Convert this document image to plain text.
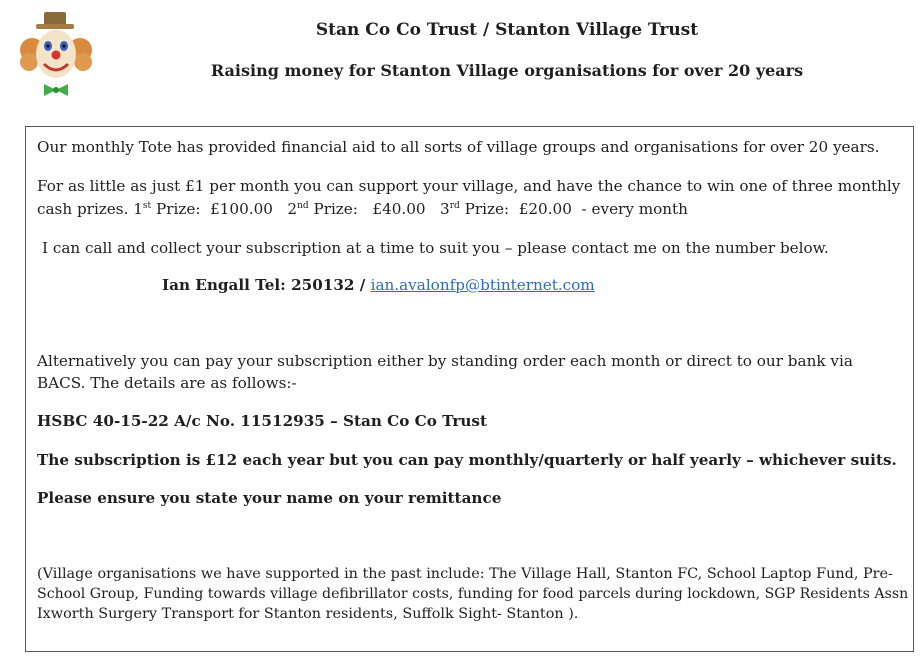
Stan Co Co Trust / Stanton Village Trust
Raising money for Stanton Village organisations for over 20 years
Our monthly Tote has provided financial aid to all sorts of village groups and organisations for over 20 years.
For as little as just £1 per month you can support your village, and have the chance to win one of three monthly
cash prizes. 1st Prize: £100.00 2nd Prize: £40.00 3rd Prize: £20.00 - every month
I can call and collect your subscription at a time to suit you – please contact me on the number below.
Ian Engall Tel: 250132 / ian.avalonfp@btinternet.com
Alternatively you can pay your subscription either by standing order each month or direct to our bank via
BACS. The details are as follows:-
HSBC 40-15-22 A/c No. 11512935 – Stan Co Co Trust
The subscription is £12 each year but you can pay monthly/quarterly or half yearly – whichever suits.
Please ensure you state your name on your remittance
(Village organisations we have supported in the past include: The Village Hall, Stanton FC, School Laptop Fund, Pre-
School Group, Funding towards village defibrillator costs, funding for food parcels during lockdown, SGP Residents Assn
Ixworth Surgery Transport for Stanton residents, Suffolk Sight- Stanton ).
